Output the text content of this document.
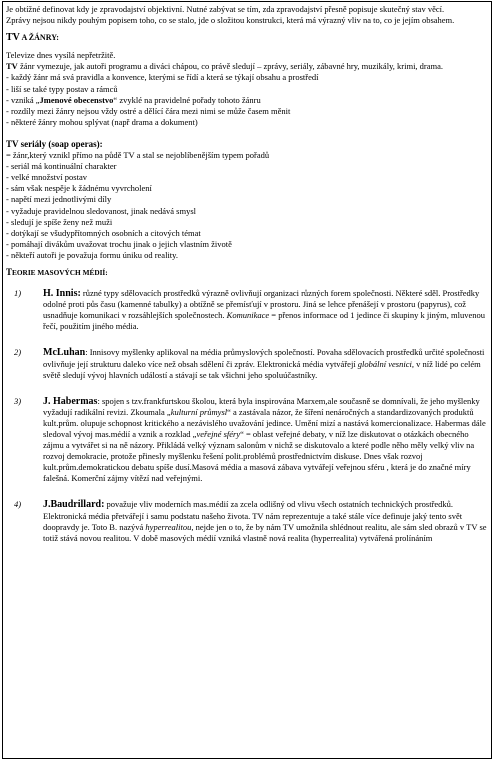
Je obtížné definovat kdy je zpravodajství objektivní. Nutné zabývat se tím, zda zpravodajství přesně popisuje skutečný stav věcí.

Zprávy nejsou nikdy pouhým popisem toho, co se stalo, jde o složitou konstrukci, která má výrazný vliv na to, co je jejím obsahem.

TV A ŽÁNRY:

Televize dnes vysílá nepřetržitě.

TV žánr vymezuje, jak autoři programu a diváci chápou, co právě sledují – zprávy, seriály, zábavné hry, muzikály, krimi, drama.

- každý žánr má svá pravidla a konvence, kterými se řídí a která se týkají obsahu a prostředí

- liší se také typy postav a rámců

- vzniká „Jmenové obecenstvo“ zvyklé na pravidelné pořady tohoto žánru

- rozdíly mezi žánry nejsou vždy ostré a dělící čára mezi nimi se může časem měnit

- některé žánry mohou splývat (např drama a dokument)

TV seriály (soap operas):

= žánr,který vznikl přímo na půdě TV a stal se nejoblíbenějším typem pořadů

- seriál má kontinuální charakter

- velké množství postav

- sám však nespěje k žádnému vyvrcholení

- napětí mezi jednotlivými díly

- vyžaduje pravidelnou sledovanost, jinak nedává smysl

- sledují je spíše ženy než muži

- dotýkají se všudypřítomných osobních a citových témat

- pomáhají divákům uvažovat trochu jinak o jejich vlastním životě

- někteří autoři je považuja formu úniku od reality.

TEORIE MASOVÝCH MÉDIÍ:
1) H. Innis: různé typy sdělovacích prostředků výrazně ovlivňují organizaci různých forem společnosti. Některé sděl. Prostředky odolné proti půs času (kamenné tabulky) a obtížně se přemísťují v prostoru. Jiná se lehce přenášejí v prostoru (papyrus), což usnadňuje komunikaci v rozsáhlejších společnostech. Komunikace = přenos informace od 1 jedince či skupiny k jiným, mluvenou řečí, použitím jiného média.
2) McLuhan: Innisovy myšlenky aplikoval na média průmyslových společností. Povaha sdělovacích prostředků určité společnosti ovlivňuje její strukturu daleko více než obsah sdělení či zpráv. Elektronická média vytvářejí globální vesnici, v níž lidé po celém světě sledují vývoj hlavních událostí a stávají se tak všichni jeho spoluúčastníky.
3) J. Habermas: spojen s tzv.frankfurtskou školou, která byla inspirována Marxem,ale současně se domnívali, že jeho myšlenky vyžadují radikální revizi. Zkoumala „kulturní průmysl“ a zastávala názor, že šíření nenáročných a standardizovaných produktů kult.prům. olupuje schopnost kritického a nezávislého uvažování jedince. Umění mizí a nastává komercionalizace. Habermas dále sledoval vývoj mas.médií a vznik a rozklad „veřejné sféry“ = oblast veřejné debaty, v níž lze diskutovat o otázkách obecného zájmu a vytvářet si na ně názory. Přikládá velký význam salonům v nichž se diskutovalo a které podle něho měly velký vliv na rozvoj demokracie, protože přinesly myšlenku řešení polit.problémů prostřednictvím diskuse. Dnes však rozvoj kult.prům.demokratickou debatu spíše dusí.Masová média a masová zábava vytvářejí veřejnou sféru , která je do značné míry falešná. Komerční zájmy vítězí nad veřejnými.
4) J.Baudrillard: považuje vliv moderních mas.médií za zcela odlišný od vlivu všech ostatních technických prostředků. Elektronická média přetvářejí i samu podstatu našeho života. TV nám reprezentuje a také stále více definuje jaký tento svět doopravdy je. Toto B. nazývá hyperrealitou, nejde jen o to, že by nám TV umožnila shlédnout realitu, ale sám sled obrazů v TV se totiž stává novou realitou. V době masových médií vzniká vlastně nová realita (hyperrealita) vytvářená prolínáním
